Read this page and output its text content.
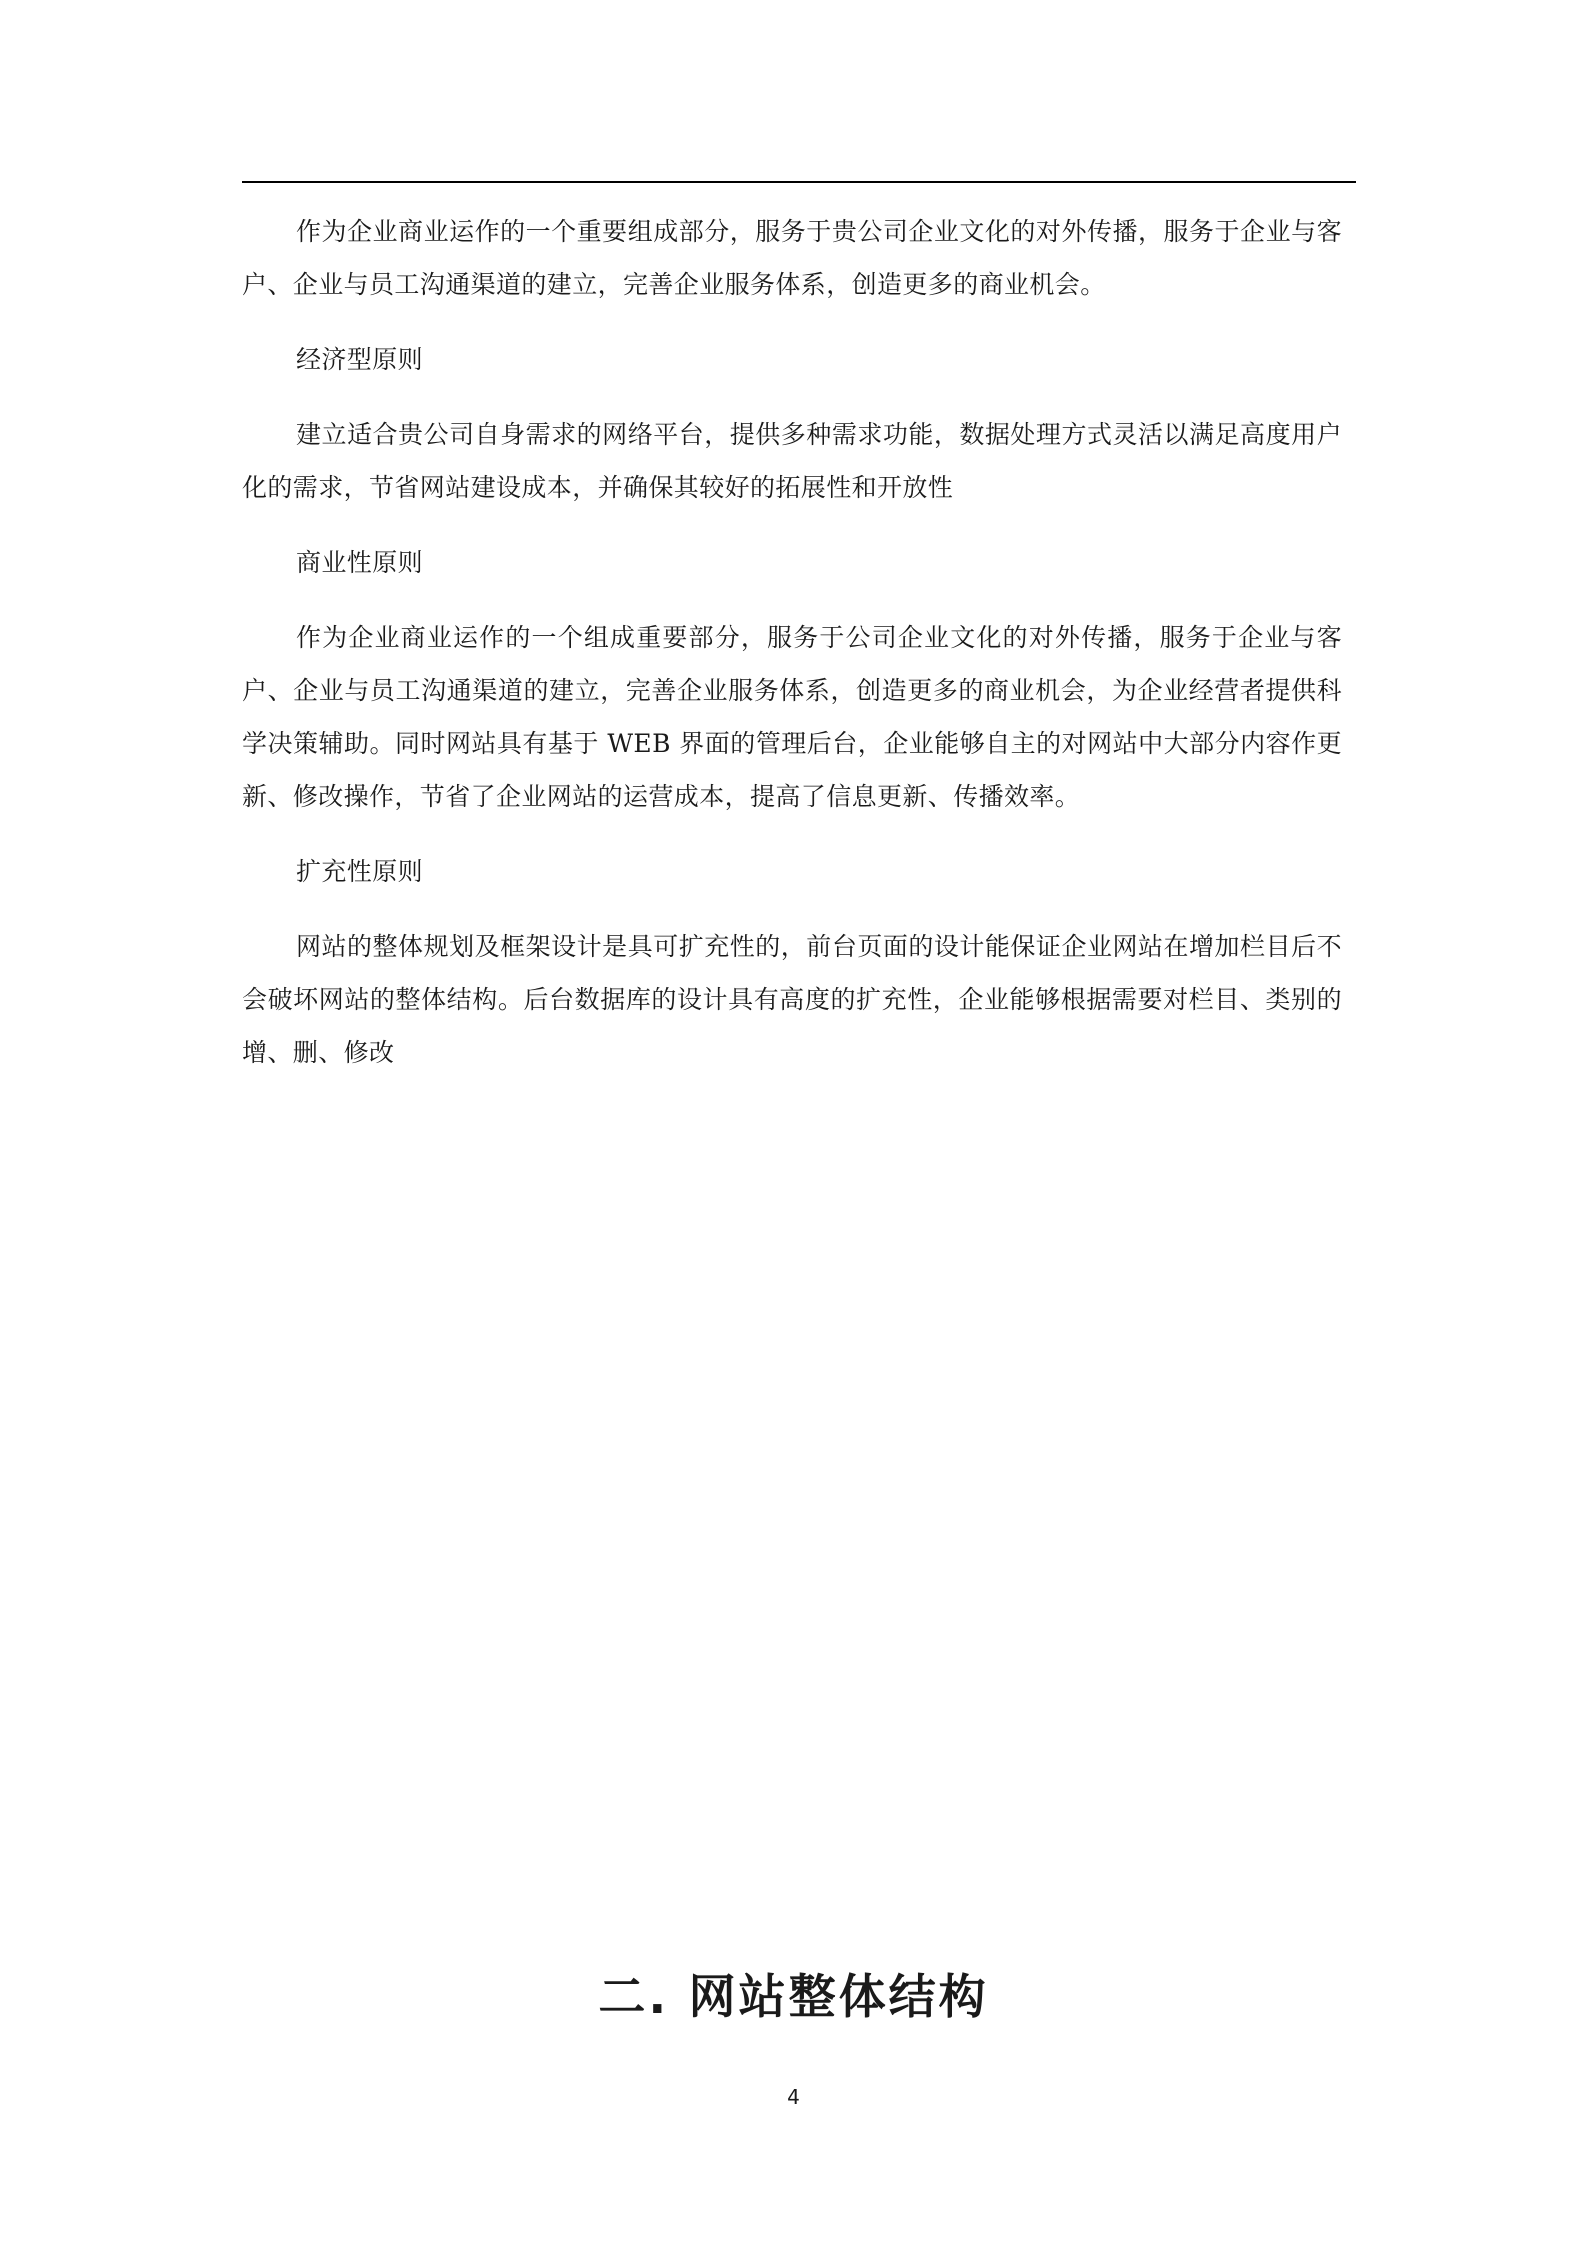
作为企业商业运作的一个重要组成部分，服务于贵公司企业文化的对外传播，服务于企业与客户、企业与员工沟通渠道的建立，完善企业服务体系，创造更多的商业机会。

经济型原则

建立适合贵公司自身需求的网络平台，提供多种需求功能，数据处理方式灵活以满足高度用户化的需求，节省网站建设成本，并确保其较好的拓展性和开放性

商业性原则

作为企业商业运作的一个组成重要部分，服务于公司企业文化的对外传播，服务于企业与客户、企业与员工沟通渠道的建立，完善企业服务体系，创造更多的商业机会，为企业经营者提供科学决策辅助。同时网站具有基于 WEB 界面的管理后台，企业能够自主的对网站中大部分内容作更新、修改操作，节省了企业网站的运营成本，提高了信息更新、传播效率。

扩充性原则

网站的整体规划及框架设计是具可扩充性的，前台页面的设计能保证企业网站在增加栏目后不会破坏网站的整体结构。后台数据库的设计具有高度的扩充性，企业能够根据需要对栏目、类别的增、删、修改

二. 网站整体结构
4
